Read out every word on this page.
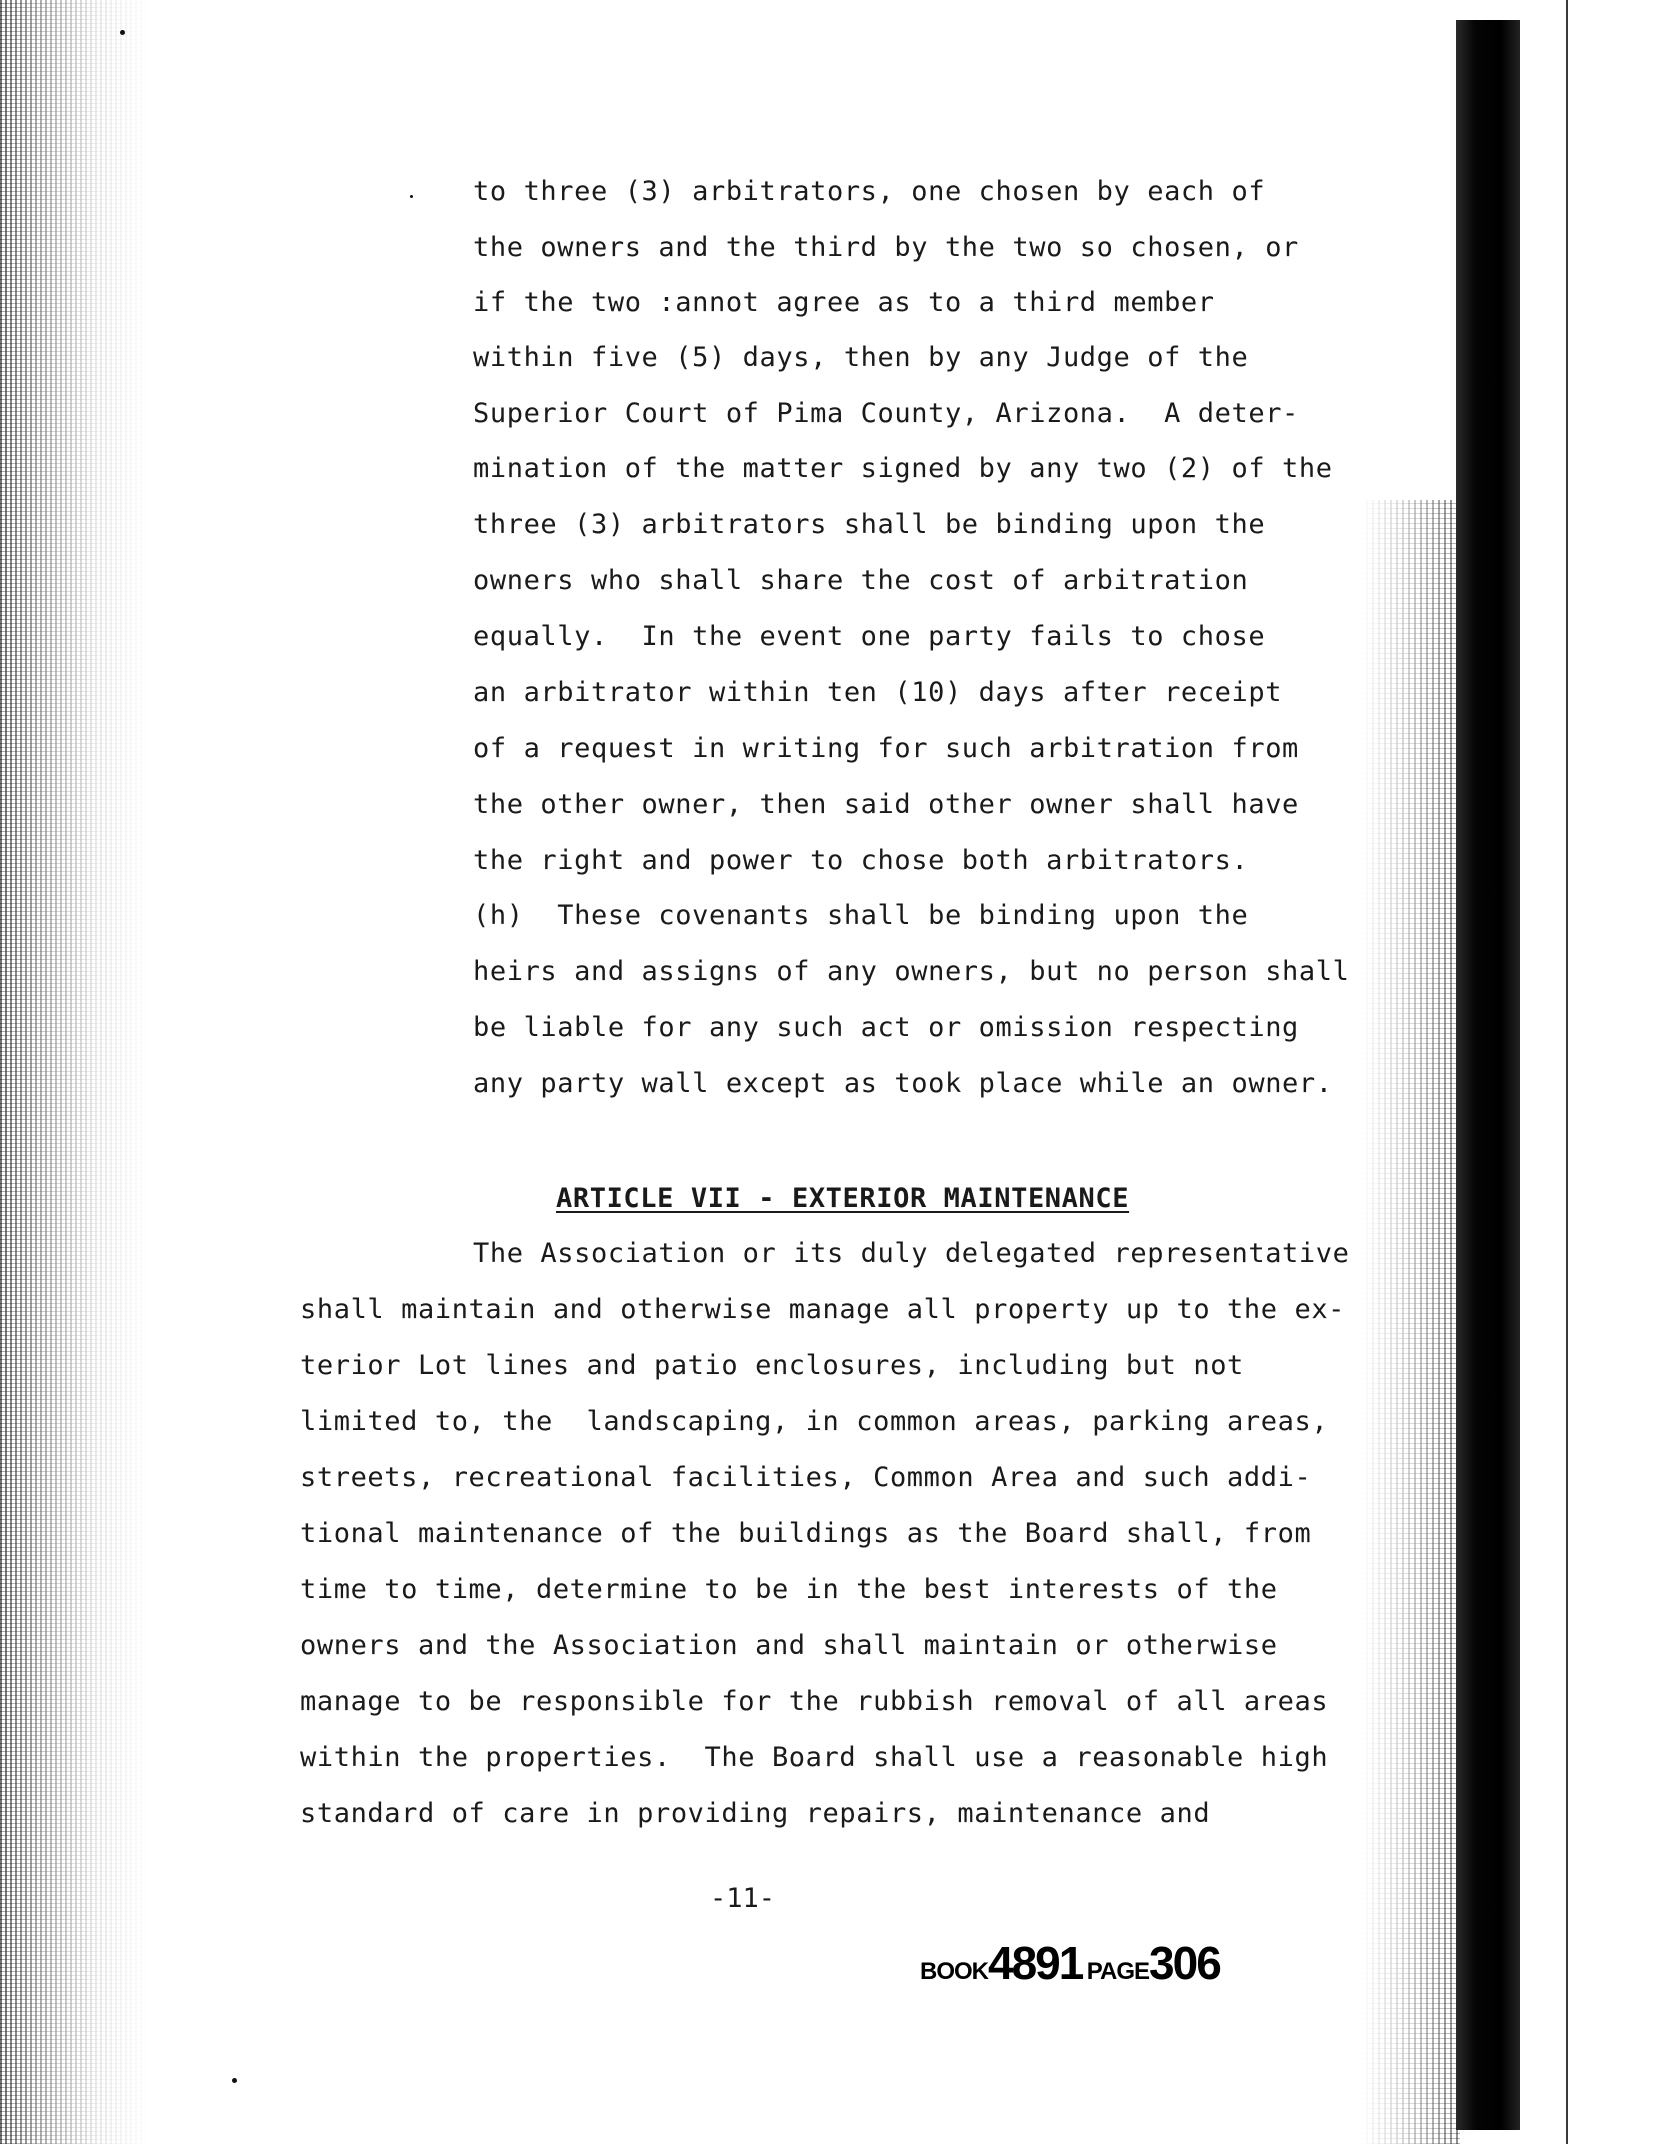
to three (3) arbitrators, one chosen by each of

the owners and the third by the two so chosen, or

if the two :annot agree as to a third member

within five (5) days, then by any Judge of the

Superior Court of Pima County, Arizona.  A deter-

mination of the matter signed by any two (2) of the

three (3) arbitrators shall be binding upon the

owners who shall share the cost of arbitration

equally.  In the event one party fails to chose

an arbitrator within ten (10) days after receipt

of a request in writing for such arbitration from

the other owner, then said other owner shall have

the right and power to chose both arbitrators.

(h)  These covenants shall be binding upon the

heirs and assigns of any owners, but no person shall

be liable for any such act or omission respecting

any party wall except as took place while an owner.

ARTICLE VII - EXTERIOR MAINTENANCE

The Association or its duly delegated representative

shall maintain and otherwise manage all property up to the ex-

terior Lot lines and patio enclosures, including but not

limited to, the  landscaping, in common areas, parking areas,

streets, recreational facilities, Common Area and such addi-

tional maintenance of the buildings as the Board shall, from

time to time, determine to be in the best interests of the

owners and the Association and shall maintain or otherwise

manage to be responsible for the rubbish removal of all areas

within the properties.  The Board shall use a reasonable high

standard of care in providing repairs, maintenance and

-11-

BOOK4891 PAGE306
